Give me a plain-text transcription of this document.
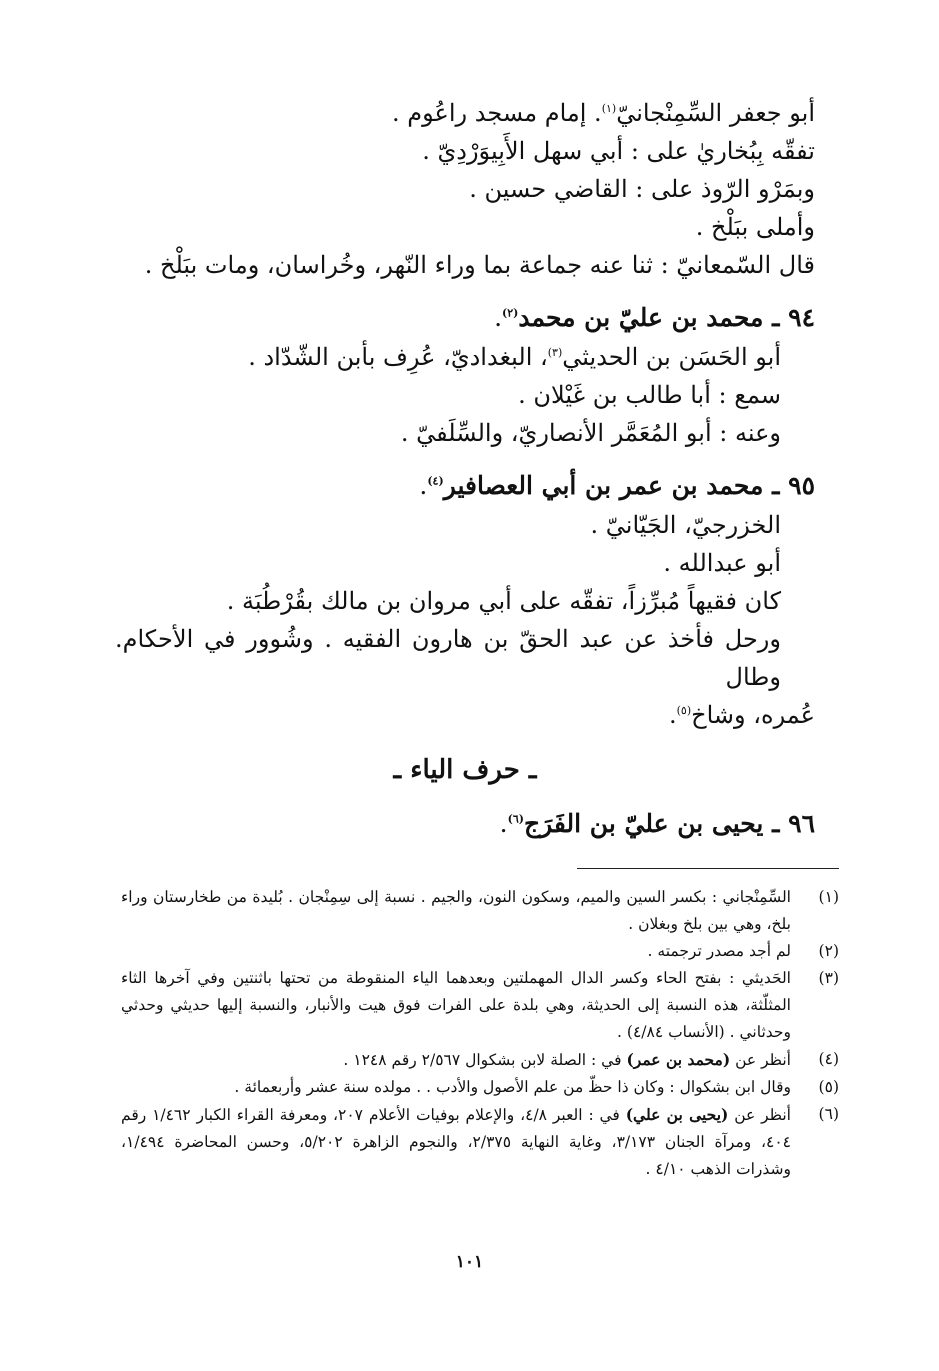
أبو جعفر السِّمِنْجانيّ$^{(١)}$. إمام مسجد راعُوم .
تفقّه بِبُخاريٰ على : أبي سهل الأَبِيوَرْدِيّ .
وبمَرْو الرّوذ على : القاضي حسين .
وأملى ببَلْخ .
قال السّمعانيّ : ثنا عنه جماعة بما وراء النّهر، وخُراسان، ومات ببَلْخ .
٩٤ ـ محمد بن عليّ بن محمد$^{(٢)}$.
أبو الحَسَن بن الحديثي$^{(٣)}$، البغداديّ، عُرِف بأبن الشّدّاد .
سمع : أبا طالب بن غَيْلان .
وعنه : أبو المُعَمَّر الأنصاريّ، والسِّلَفيّ .
٩٥ ـ محمد بن عمر بن أبي العصافير$^{(٤)}$.
الخزرجيّ، الجَيّانيّ .
أبو عبدالله .
كان فقيهاً مُبرِّزاً، تفقّه على أبي مروان بن مالك بقُرْطُبَة .
ورحل فأخذ عن عبد الحقّ بن هارون الفقيه . وشُوور في الأحكام. وطال
عُمره، وشاخ$^{(٥)}$.
ـ حرف الياء ـ
٩٦ ـ يحيى بن عليّ بن الفَرَج$^{(٦)}$.
(١)
السِّمِنْجاني : بكسر السين والميم، وسكون النون، والجيم . نسبة إلى سِمِنْجان . بُليدة من طخارستان وراء بلخ، وهي بين بلخ وبغلان .
(٢)
لم أجد مصدر ترجمته .
(٣)
الحَديثي : بفتح الحاء وكسر الدال المهملتين وبعدهما الياء المنقوطة من تحتها باثنتين وفي آخرها الثاء المثلّثة، هذه النسبة إلى الحديثة، وهي بلدة على الفرات فوق هيت والأنبار، والنسبة إليها حديثي وحدثي وحدثاني . (الأنساب ٤/٨٤) .
(٤)
أنظر عن (محمد بن عمر) في : الصلة لابن بشكوال ٢/٥٦٧ رقم ١٢٤٨ .
(٥)
وقال ابن بشكوال : وكان ذا حظّ من علم الأصول والأدب . . مولده سنة عشر وأربعمائة .
(٦)
أنظر عن (يحيى بن علي) في : العبر ٤/٨، والإعلام بوفيات الأعلام ٢٠٧، ومعرفة القراء الكبار ١/٤٦٢ رقم ٤٠٤، ومرآة الجنان ٣/١٧٣، وغاية النهاية ٢/٣٧٥، والنجوم الزاهرة ٥/٢٠٢، وحسن المحاضرة ١/٤٩٤، وشذرات الذهب ٤/١٠ .
١٠١
